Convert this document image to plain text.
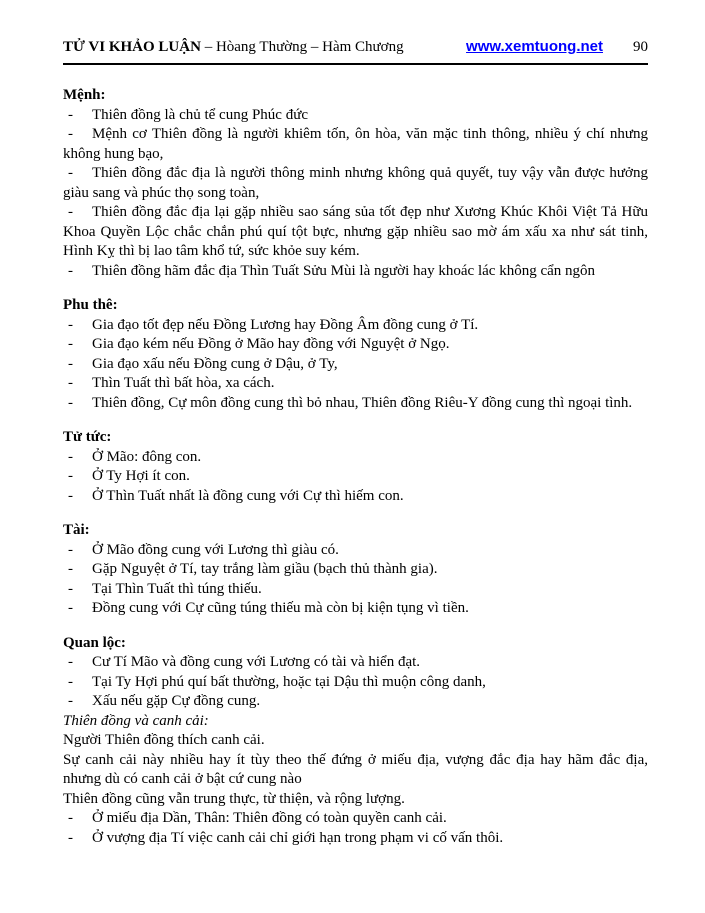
TỬ VI KHẢO LUẬN – Hòang Thường – Hàm Chương	www.xemtuong.net 90
Mệnh:

- Thiên đồng là chủ tể cung Phúc đức

- Mệnh cơ Thiên đồng là người khiêm tốn, ôn hòa, văn mặc tinh thông, nhiều ý chí nhưng không hung bạo,

- Thiên đồng đắc địa là người thông minh nhưng không quả quyết, tuy vậy vẫn được hưởng giàu sang và phúc thọ song toàn,

- Thiên đồng đắc địa lại gặp nhiều sao sáng sủa tốt đẹp như Xương Khúc Khôi Việt Tả Hữu Khoa Quyền Lộc chắc chắn phú quí tột bực, nhưng gặp nhiều sao mờ ám xấu xa như sát tinh, Hình Kỵ thì bị lao tâm khổ tứ, sức khỏe suy kém.

- Thiên đồng hãm đắc địa Thìn Tuất Sửu Mùi là người hay khoác lác không cẩn ngôn

Phu thê:

- Gia đạo tốt đẹp nếu Đồng Lương hay Đồng Âm đồng cung ở Tí.

- Gia đạo kém nếu Đồng ở Mão hay đồng với Nguyệt ở Ngọ.

- Gia đạo xấu nếu Đồng cung ở Dậu, ở Ty,

- Thìn Tuất thì bất hòa, xa cách.

- Thiên đồng, Cự môn đồng cung thì bỏ nhau, Thiên đồng Riêu-Y đồng cung thì ngoại tình.

Tử tức:

- Ở Mão: đông con.

- Ở Ty Hợi ít con.

- Ở Thìn Tuất nhất là đồng cung với Cự thì hiếm con.

Tài:

- Ở Mão đồng cung với Lương thì giàu có.

- Gặp Nguyệt ở Tí, tay trắng làm giầu (bạch thủ thành gia).

- Tại Thìn Tuất thì túng thiếu.

- Đồng cung với Cự cũng túng thiếu mà còn bị kiện tụng vì tiền.

Quan lộc:

- Cư Tí Mão và đồng cung với Lương có tài và hiển đạt.

- Tại Ty Hợi phú quí bất thường, hoặc tại Dậu thì muộn công danh,

- Xấu nếu gặp Cự đồng cung.

Thiên đồng và canh cải:

Người Thiên đồng thích canh cải.

Sự canh cải này nhiều hay ít tùy theo thế đứng ở miếu địa, vượng đắc địa hay hãm đắc địa, nhưng dù có canh cải ở bật cứ cung nào

Thiên đồng cũng vẫn trung thực, từ thiện, và rộng lượng.

- Ở miếu địa Dần, Thân: Thiên đồng có toàn quyền canh cải.

- Ở vượng địa Tí việc canh cải chỉ giới hạn trong phạm vi cố vấn thôi.
